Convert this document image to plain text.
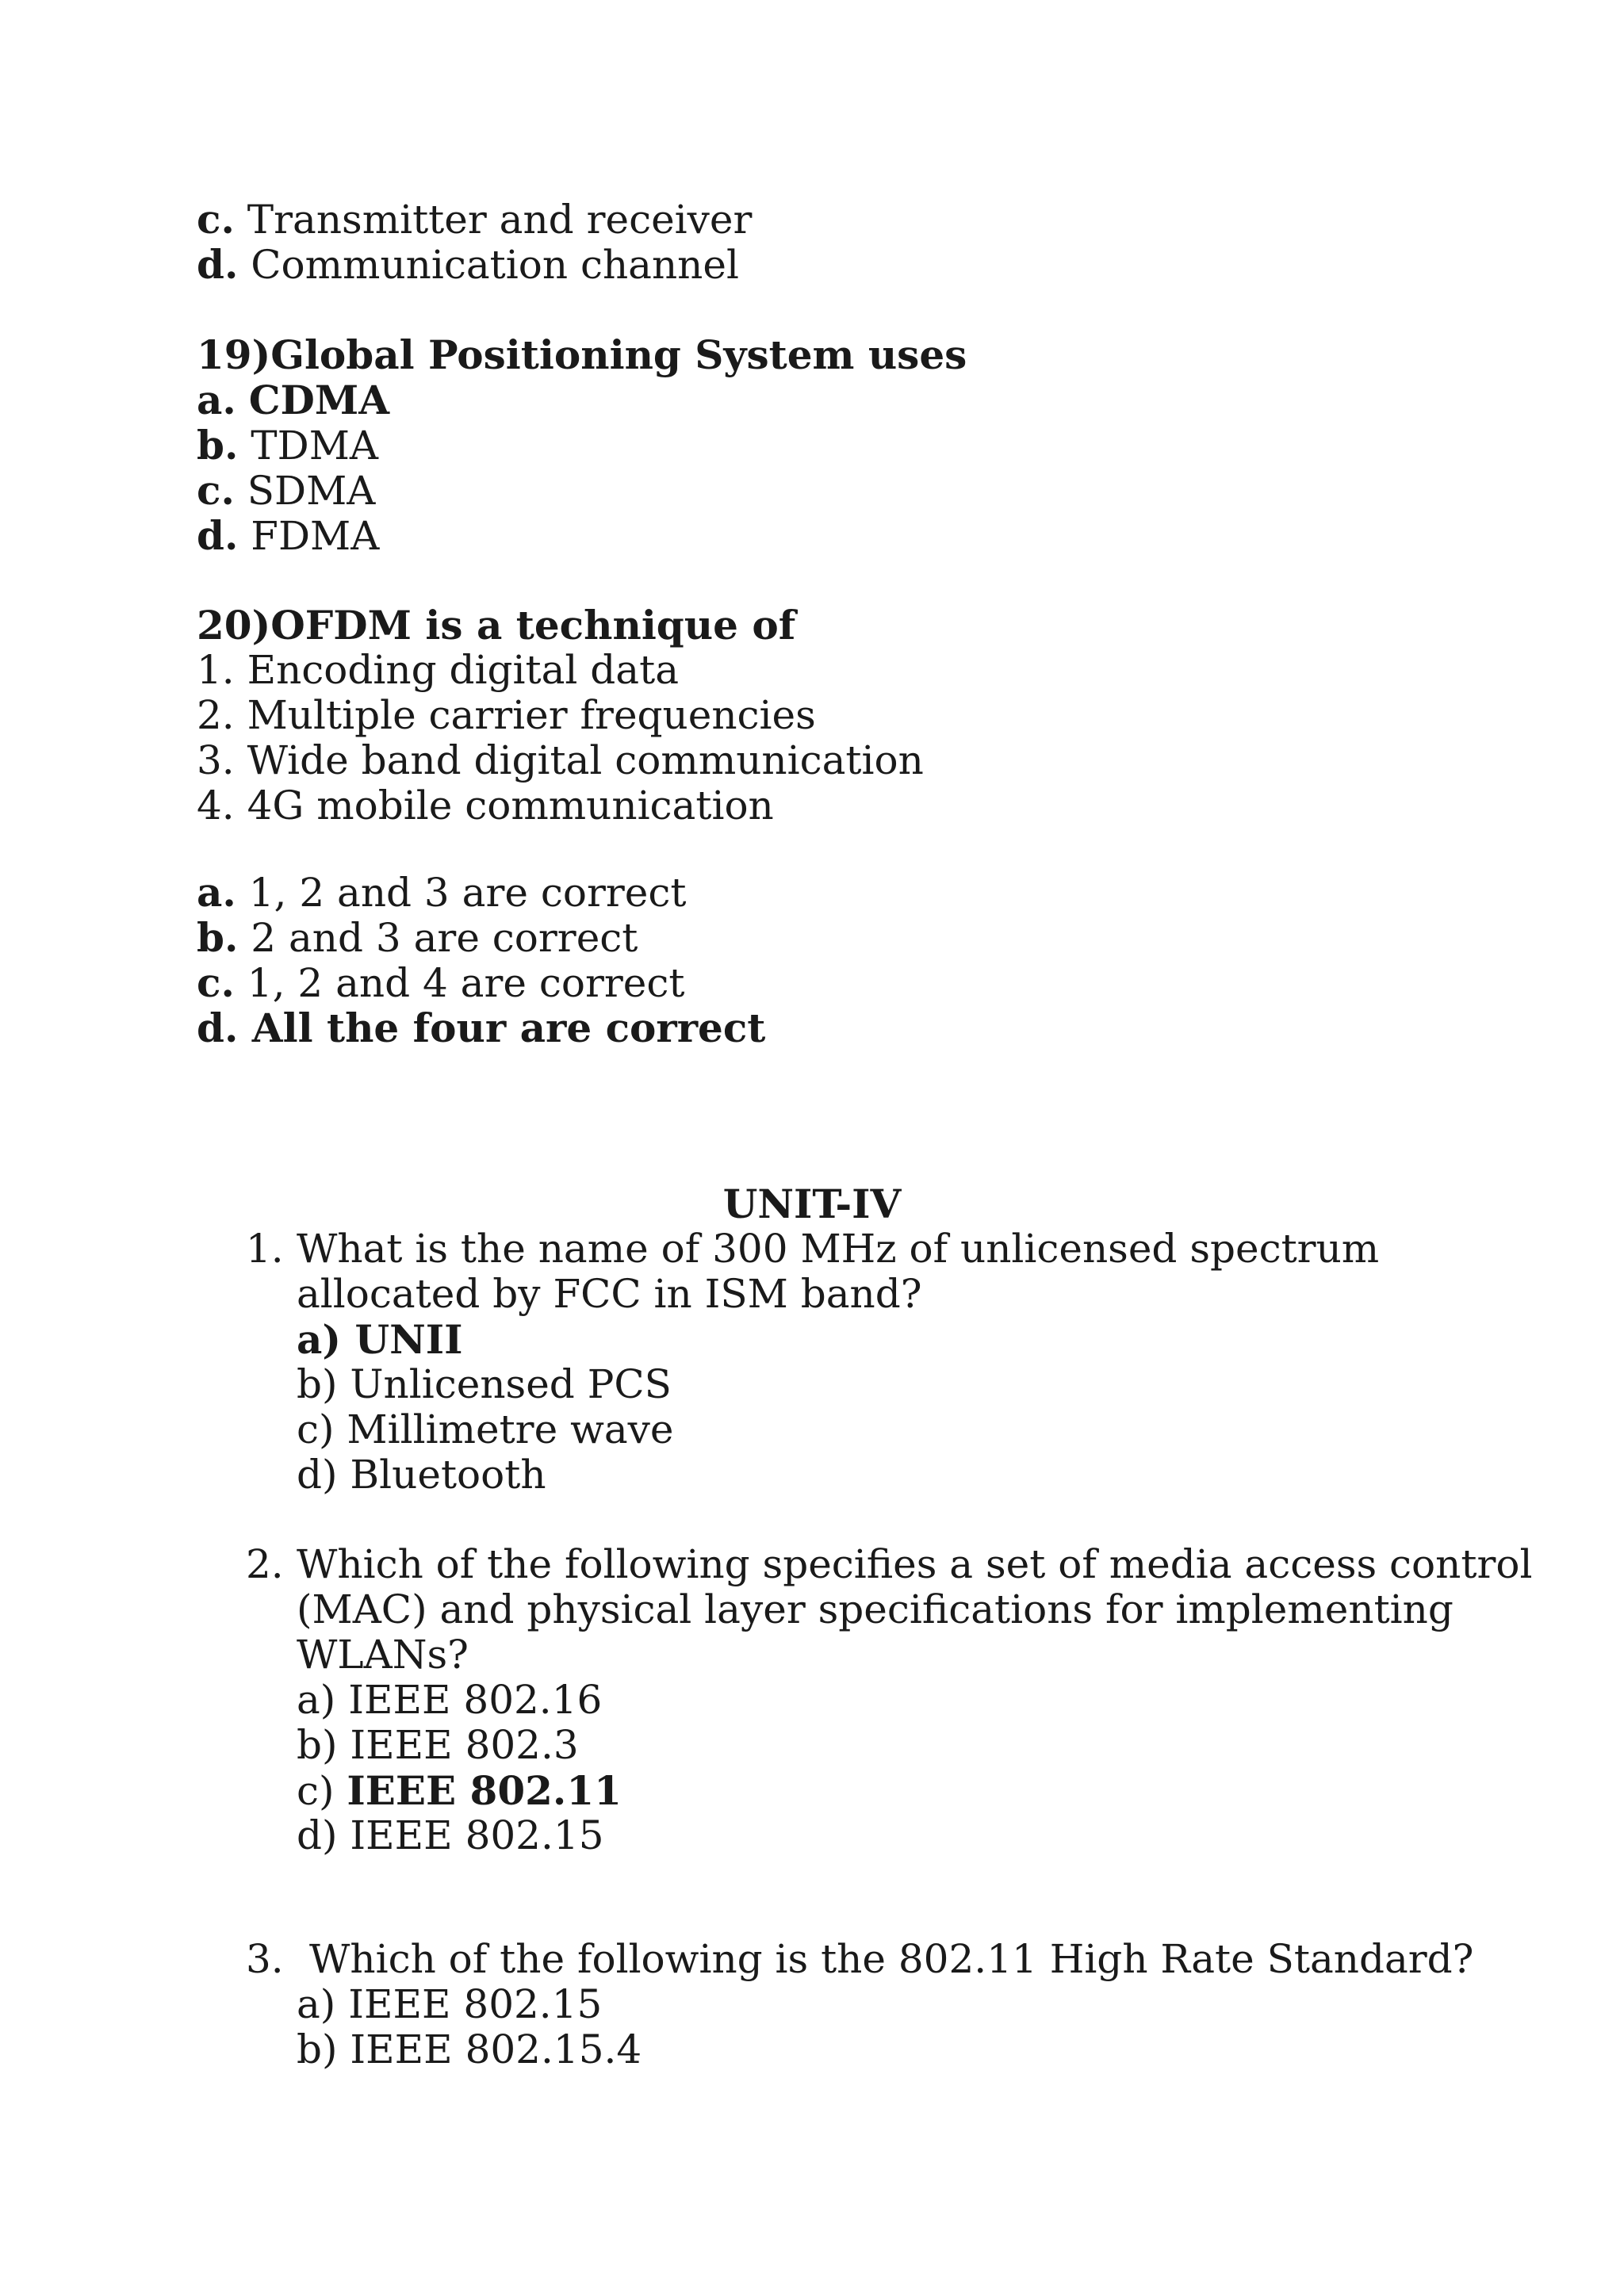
c. Transmitter and receiver
d. Communication channel
19)Global Positioning System uses
a. CDMA
b. TDMA
c. SDMA
d. FDMA
20)OFDM is a technique of
1. Encoding digital data
2. Multiple carrier frequencies
3. Wide band digital communication
4. 4G mobile communication
a. 1, 2 and 3 are correct
b. 2 and 3 are correct
c. 1, 2 and 4 are correct
d. All the four are correct
UNIT-IV
1. What is the name of 300 MHz of unlicensed spectrum
allocated by FCC in ISM band?
a) UNII
b) Unlicensed PCS
c) Millimetre wave
d) Bluetooth
2. Which of the following specifies a set of media access control
(MAC) and physical layer specifications for implementing
WLANs?
a) IEEE 802.16
b) IEEE 802.3
c) IEEE 802.11
d) IEEE 802.15
3. Which of the following is the 802.11 High Rate Standard?
a) IEEE 802.15
b) IEEE 802.15.4
